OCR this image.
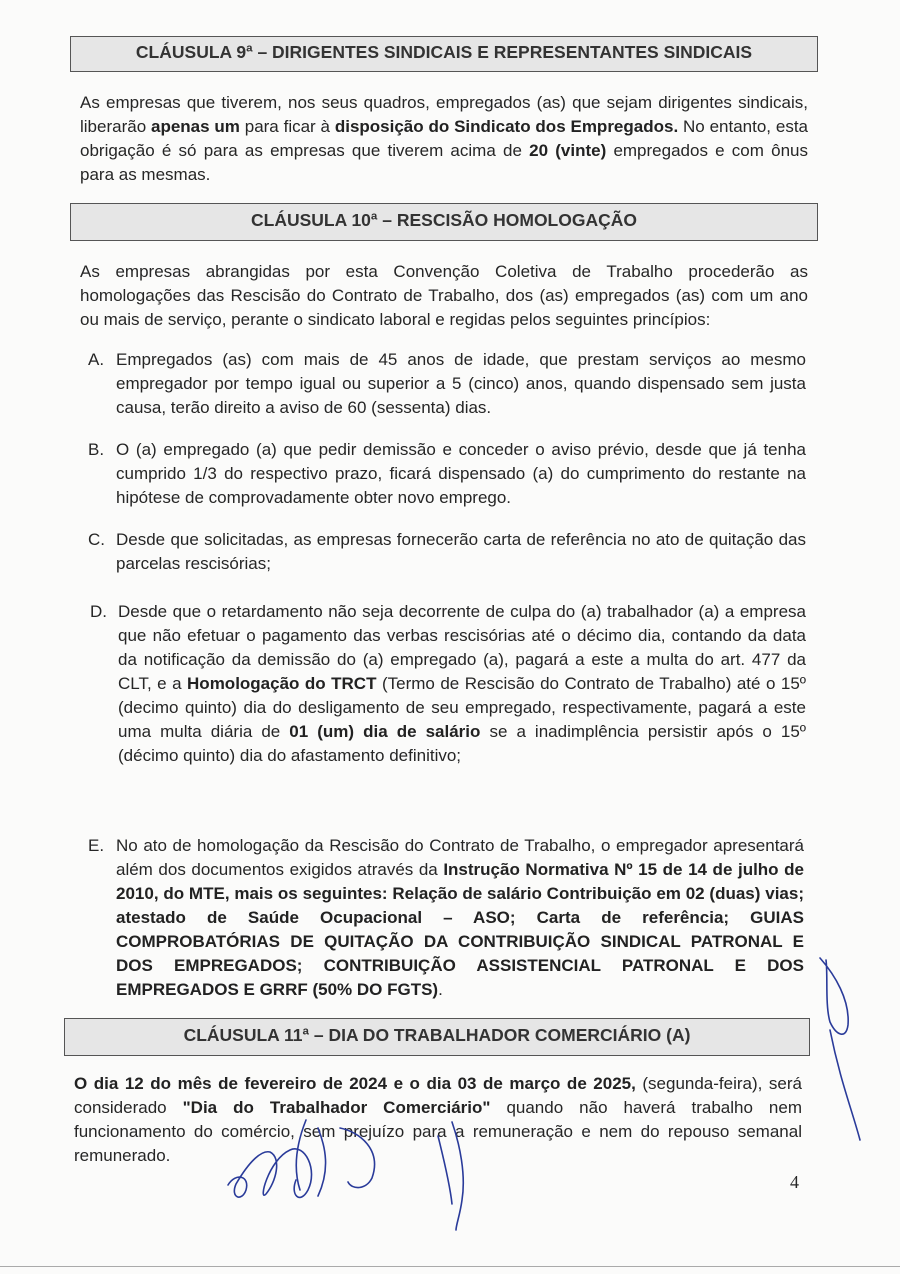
CLÁUSULA 9ª – DIRIGENTES SINDICAIS E REPRESENTANTES SINDICAIS

As empresas que tiverem, nos seus quadros, empregados (as) que sejam dirigentes sindicais, liberarão apenas um para ficar à disposição do Sindicato dos Empregados. No entanto, esta obrigação é só para as empresas que tiverem acima de 20 (vinte) empregados e com ônus para as mesmas.

CLÁUSULA 10ª – RESCISÃO HOMOLOGAÇÃO

As empresas abrangidas por esta Convenção Coletiva de Trabalho procederão as homologações das Rescisão do Contrato de Trabalho, dos (as) empregados (as) com um ano ou mais de serviço, perante o sindicato laboral e regidas pelos seguintes princípios:

A. Empregados (as) com mais de 45 anos de idade, que prestam serviços ao mesmo empregador por tempo igual ou superior a 5 (cinco) anos, quando dispensado sem justa causa, terão direito a aviso de 60 (sessenta) dias.
B. O (a) empregado (a) que pedir demissão e conceder o aviso prévio, desde que já tenha cumprido 1/3 do respectivo prazo, ficará dispensado (a) do cumprimento do restante na hipótese de comprovadamente obter novo emprego.
C. Desde que solicitadas, as empresas fornecerão carta de referência no ato de quitação das parcelas rescisórias;
D. Desde que o retardamento não seja decorrente de culpa do (a) trabalhador (a) a empresa que não efetuar o pagamento das verbas rescisórias até o décimo dia, contando da data da notificação da demissão do (a) empregado (a), pagará a este a multa do art. 477 da CLT, e a Homologação do TRCT (Termo de Rescisão do Contrato de Trabalho) até o 15º (decimo quinto) dia do desligamento de seu empregado, respectivamente, pagará a este uma multa diária de 01 (um) dia de salário se a inadimplência persistir após o 15º (décimo quinto) dia do afastamento definitivo;
E. No ato de homologação da Rescisão do Contrato de Trabalho, o empregador apresentará além dos documentos exigidos através da Instrução Normativa Nº 15 de 14 de julho de 2010, do MTE, mais os seguintes: Relação de salário Contribuição em 02 (duas) vias; atestado de Saúde Ocupacional – ASO; Carta de referência; GUIAS COMPROBATÓRIAS DE QUITAÇÃO DA CONTRIBUIÇÃO SINDICAL PATRONAL E DOS EMPREGADOS; CONTRIBUIÇÃO ASSISTENCIAL PATRONAL E DOS EMPREGADOS E GRRF (50% DO FGTS).
CLÁUSULA 11ª – DIA DO TRABALHADOR COMERCIÁRIO (A)

O dia 12 do mês de fevereiro de 2024 e o dia 03 de março de 2025, (segunda-feira), será considerado "Dia do Trabalhador Comerciário" quando não haverá trabalho nem funcionamento do comércio, sem prejuízo para a remuneração e nem do repouso semanal remunerado.

4
